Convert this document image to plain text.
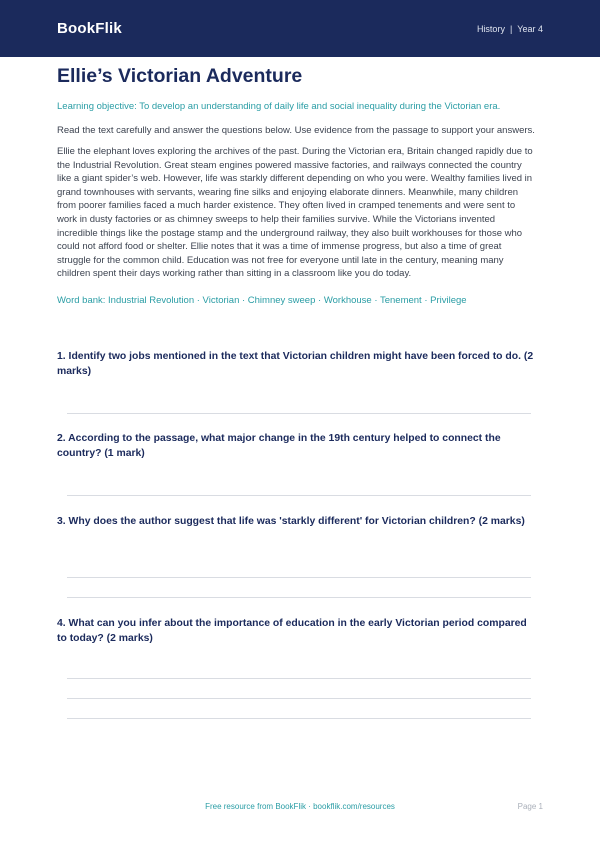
BookFlik	History | Year 4
Ellie’s Victorian Adventure

Learning objective: To develop an understanding of daily life and social inequality during the Victorian era.

Read the text carefully and answer the questions below. Use evidence from the passage to support your answers.

Ellie the elephant loves exploring the archives of the past. During the Victorian era, Britain changed rapidly due to the Industrial Revolution. Great steam engines powered massive factories, and railways connected the country like a giant spider’s web. However, life was starkly different depending on who you were. Wealthy families lived in grand townhouses with servants, wearing fine silks and enjoying elaborate dinners. Meanwhile, many children from poorer families faced a much harder existence. They often lived in cramped tenements and were sent to work in dusty factories or as chimney sweeps to help their families survive. While the Victorians invented incredible things like the postage stamp and the underground railway, they also built workhouses for those who could not afford food or shelter. Ellie notes that it was a time of immense progress, but also a time of great struggle for the common child. Education was not free for everyone until late in the century, meaning many children spent their days working rather than sitting in a classroom like you do today.

Word bank: Industrial Revolution · Victorian · Chimney sweep · Workhouse · Tenement · Privilege

1. Identify two jobs mentioned in the text that Victorian children might have been forced to do. (2 marks)

2. According to the passage, what major change in the 19th century helped to connect the country? (1 mark)

3. Why does the author suggest that life was 'starkly different' for Victorian children? (2 marks)

4. What can you infer about the importance of education in the early Victorian period compared to today? (2 marks)

Free resource from BookFlik · bookflik.com/resources	Page 1
